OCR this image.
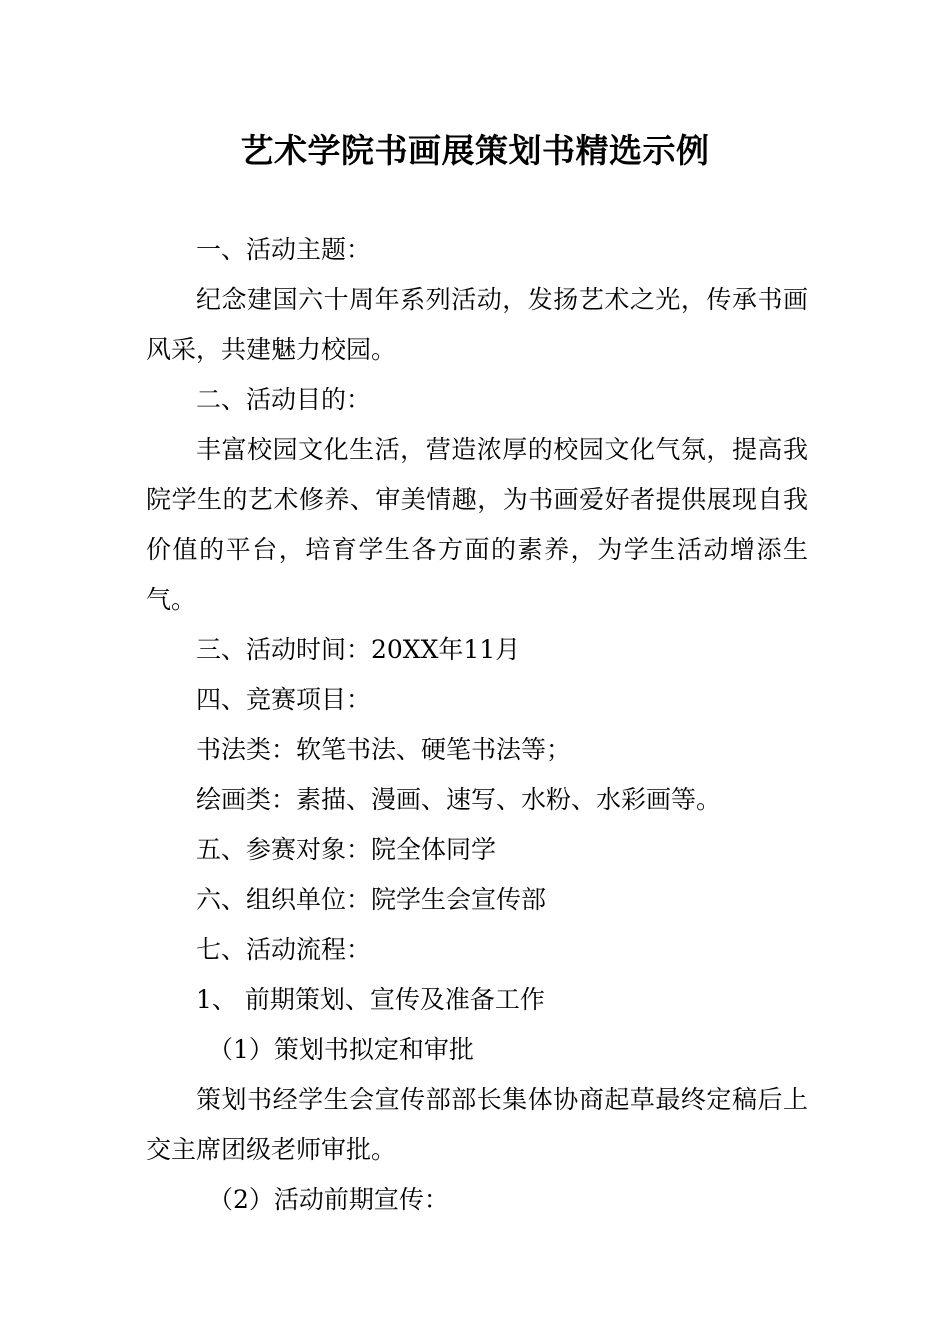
艺术学院书画展策划书精选示例

一、活动主题：

纪念建国六十周年系列活动，发扬艺术之光，传承书画风采，共建魅力校园。

二、活动目的：

丰富校园文化生活，营造浓厚的校园文化气氛，提高我院学生的艺术修养、审美情趣，为书画爱好者提供展现自我价值的平台，培育学生各方面的素养，为学生活动增添生气。

三、活动时间：20XX年11月

四、竞赛项目：

书法类：软笔书法、硬笔书法等；

绘画类：素描、漫画、速写、水粉、水彩画等。

五、参赛对象：院全体同学

六、组织单位：院学生会宣传部

七、活动流程：

1、 前期策划、宣传及准备工作

（1）策划书拟定和审批

策划书经学生会宣传部部长集体协商起草最终定稿后上交主席团级老师审批。

（2）活动前期宣传：
